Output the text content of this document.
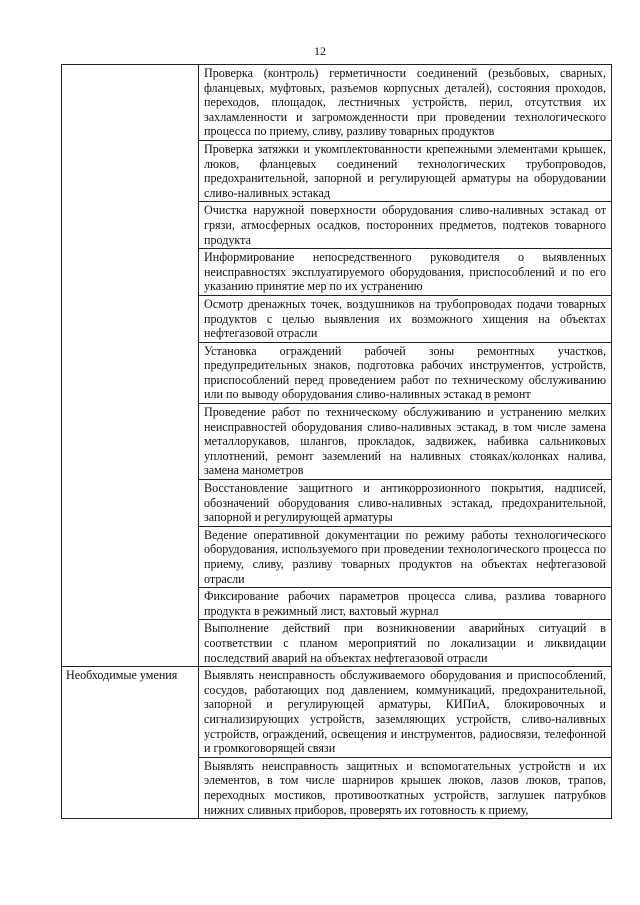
12
	Проверка (контроль) герметичности соединений (резьбовых, сварных, фланцевых, муфтовых, разъемов корпусных деталей), состояния проходов, переходов, площадок, лестничных устройств, перил, отсутствия их захламленности и загроможденности при проведении технологического процесса по приему, сливу, разливу товарных продуктов
	Проверка затяжки и укомплектованности крепежными элементами крышек, люков, фланцевых соединений технологических трубопроводов, предохранительной, запорной и регулирующей арматуры на оборудовании сливо-наливных эстакад
	Очистка наружной поверхности оборудования сливо-наливных эстакад от грязи, атмосферных осадков, посторонних предметов, подтеков товарного продукта
	Информирование непосредственного руководителя о выявленных неисправностях эксплуатируемого оборудования, приспособлений и по его указанию принятие мер по их устранению
	Осмотр дренажных точек, воздушников на трубопроводах подачи товарных продуктов с целью выявления их возможного хищения на объектах нефтегазовой отрасли
	Установка ограждений рабочей зоны ремонтных участков, предупредительных знаков, подготовка рабочих инструментов, устройств, приспособлений перед проведением работ по техническому обслуживанию или по выводу оборудования сливо-наливных эстакад в ремонт
	Проведение работ по техническому обслуживанию и устранению мелких неисправностей оборудования сливо-наливных эстакад, в том числе замена металлорукавов, шлангов, прокладок, задвижек, набивка сальниковых уплотнений, ремонт заземлений на наливных стояках/колонках налива, замена манометров
	Восстановление защитного и антикоррозионного покрытия, надписей, обозначений оборудования сливо-наливных эстакад, предохранительной, запорной и регулирующей арматуры
	Ведение оперативной документации по режиму работы технологического оборудования, используемого при проведении технологического процесса по приему, сливу, разливу товарных продуктов на объектах нефтегазовой отрасли
	Фиксирование рабочих параметров процесса слива, разлива товарного продукта в режимный лист, вахтовый журнал
	Выполнение действий при возникновении аварийных ситуаций в соответствии с планом мероприятий по локализации и ликвидации последствий аварий на объектах нефтегазовой отрасли
Необходимые умения	Выявлять неисправность обслуживаемого оборудования и приспособлений, сосудов, работающих под давлением, коммуникаций, предохранительной, запорной и регулирующей арматуры, КИПиА, блокировочных и сигнализирующих устройств, заземляющих устройств, сливо-наливных устройств, ограждений, освещения и инструментов, радиосвязи, телефонной и громкоговорящей связи
	Выявлять неисправность защитных и вспомогательных устройств и их элементов, в том числе шарниров крышек люков, лазов люков, трапов, переходных мостиков, противооткатных устройств, заглушек патрубков нижних сливных приборов, проверять их готовность к приему,
